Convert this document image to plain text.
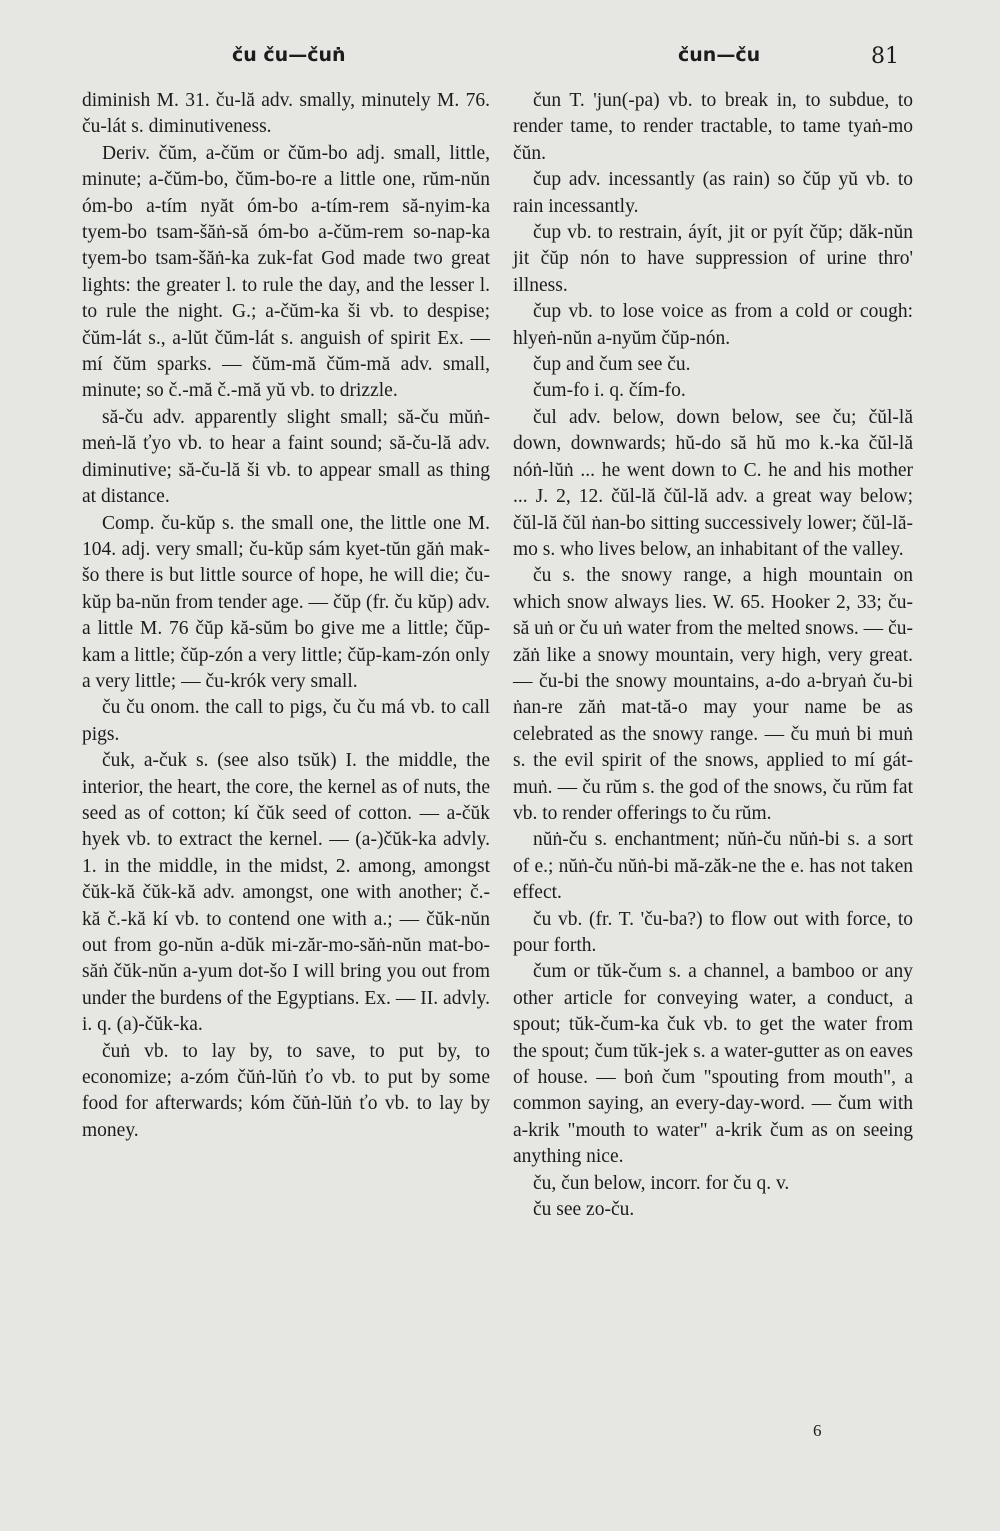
ču ču—čuṅ	čun—ču	81

diminish M. 31. ču-lă adv. smally, minutely M. 76. ču-lát s. diminutiveness.

Deriv. čŭm, a-čŭm or čŭm-bo adj. small, little, minute; a-čŭm-bo, čŭm-bo-re a little one, rŭm-nŭn óm-bo a-tím nyăt óm-bo a-tím-rem să-nyim-ka tyem-bo tsam-šăṅ-să óm-bo a-čŭm-rem so-nap-ka tyem-bo tsam-šăṅ-ka zuk-fat God made two great lights: the greater l. to rule the day, and the lesser l. to rule the night. G.; a-čŭm-ka ši vb. to despise; čŭm-lát s., a-lŭt čŭm-lát s. anguish of spirit Ex. — mí čŭm sparks. — čŭm-mă čŭm-mă adv. small, minute; so č.-mă č.-mă yŭ vb. to drizzle.

să-ču adv. apparently slight small; să-ču mŭṅ-meṅ-lă ťyo vb. to hear a faint sound; să-ču-lă adv. diminutive; să-ču-lă ši vb. to appear small as thing at distance.

Comp. ču-kŭp s. the small one, the little one M. 104. adj. very small; ču-kŭp sám kyet-tŭn găṅ mak-šo there is but little source of hope, he will die; ču-kŭp ba-nŭn from tender age. — čŭp (fr. ču kŭp) adv. a little M. 76 čŭp kă-sŭm bo give me a little; čŭp-kam a little; čŭp-zón a very little; čŭp-kam-zón only a very little; — ču-krók very small.

ču ču onom. the call to pigs, ču ču má vb. to call pigs.

čuk, a-čuk s. (see also tsŭk) I. the middle, the interior, the heart, the core, the kernel as of nuts, the seed as of cotton; kí čŭk seed of cotton. — a-čŭk hyek vb. to extract the kernel. — (a-)čŭk-ka advly. 1. in the middle, in the midst, 2. among, amongst čŭk-kă čŭk-kă adv. amongst, one with another; č.-kă č.-kă kí vb. to contend one with a.; — čŭk-nŭn out from go-nŭn a-dŭk mi-zăr-mo-săṅ-nŭn mat-bo-săṅ čŭk-nŭn a-yum dot-šo I will bring you out from under the burdens of the Egyptians. Ex. — II. advly. i. q. (a)-čŭk-ka.

čuṅ vb. to lay by, to save, to put by, to economize; a-zóm čŭṅ-lŭṅ ťo vb. to put by some food for afterwards; kóm čŭṅ-lŭṅ ťo vb. to lay by money.

čun T. 'jun(-pa) vb. to break in, to subdue, to render tame, to render tractable, to tame tyaṅ-mo čŭn.

čup adv. incessantly (as rain) so čŭp yŭ vb. to rain incessantly.

čup vb. to restrain, áyít, jit or pyít čŭp; dăk-nŭn jit čŭp nón to have suppression of urine thro' illness.

čup vb. to lose voice as from a cold or cough: hlyeṅ-nŭn a-nyŭm čŭp-nón.

čup and čum see ču.

čum-fo i. q. čím-fo.

čul adv. below, down below, see ču; čŭl-lă down, downwards; hŭ-do să hŭ mo k.-ka čŭl-lă nóṅ-lŭṅ ... he went down to C. he and his mother ... J. 2, 12. čŭl-lă čŭl-lă adv. a great way below; čŭl-lă čŭl ṅan-bo sitting successively lower; čŭl-lă-mo s. who lives below, an inhabitant of the valley.

ču s. the snowy range, a high mountain on which snow always lies. W. 65. Hooker 2, 33; ču-să uṅ or ču uṅ water from the melted snows. — ču-zăṅ like a snowy mountain, very high, very great. — ču-bi the snowy mountains, a-do a-bryaṅ ču-bi ṅan-re zăṅ mat-tă-o may your name be as celebrated as the snowy range. — ču muṅ bi muṅ s. the evil spirit of the snows, applied to mí gát-muṅ. — ču rŭm s. the god of the snows, ču rŭm fat vb. to render offerings to ču rŭm.

nŭṅ-ču s. enchantment; nŭṅ-ču nŭṅ-bi s. a sort of e.; nŭṅ-ču nŭṅ-bi mă-zăk-ne the e. has not taken effect.

ču vb. (fr. T. 'ču-ba?) to flow out with force, to pour forth.

čum or tŭk-čum s. a channel, a bamboo or any other article for conveying water, a conduct, a spout; tŭk-čum-ka čuk vb. to get the water from the spout; čum tŭk-jek s. a water-gutter as on eaves of house. — boṅ čum "spouting from mouth", a common saying, an every-day-word. — čum with a-krik "mouth to water" a-krik čum as on seeing anything nice.

ču, čun below, incorr. for ču q. v.

ču see zo-ču.

6
